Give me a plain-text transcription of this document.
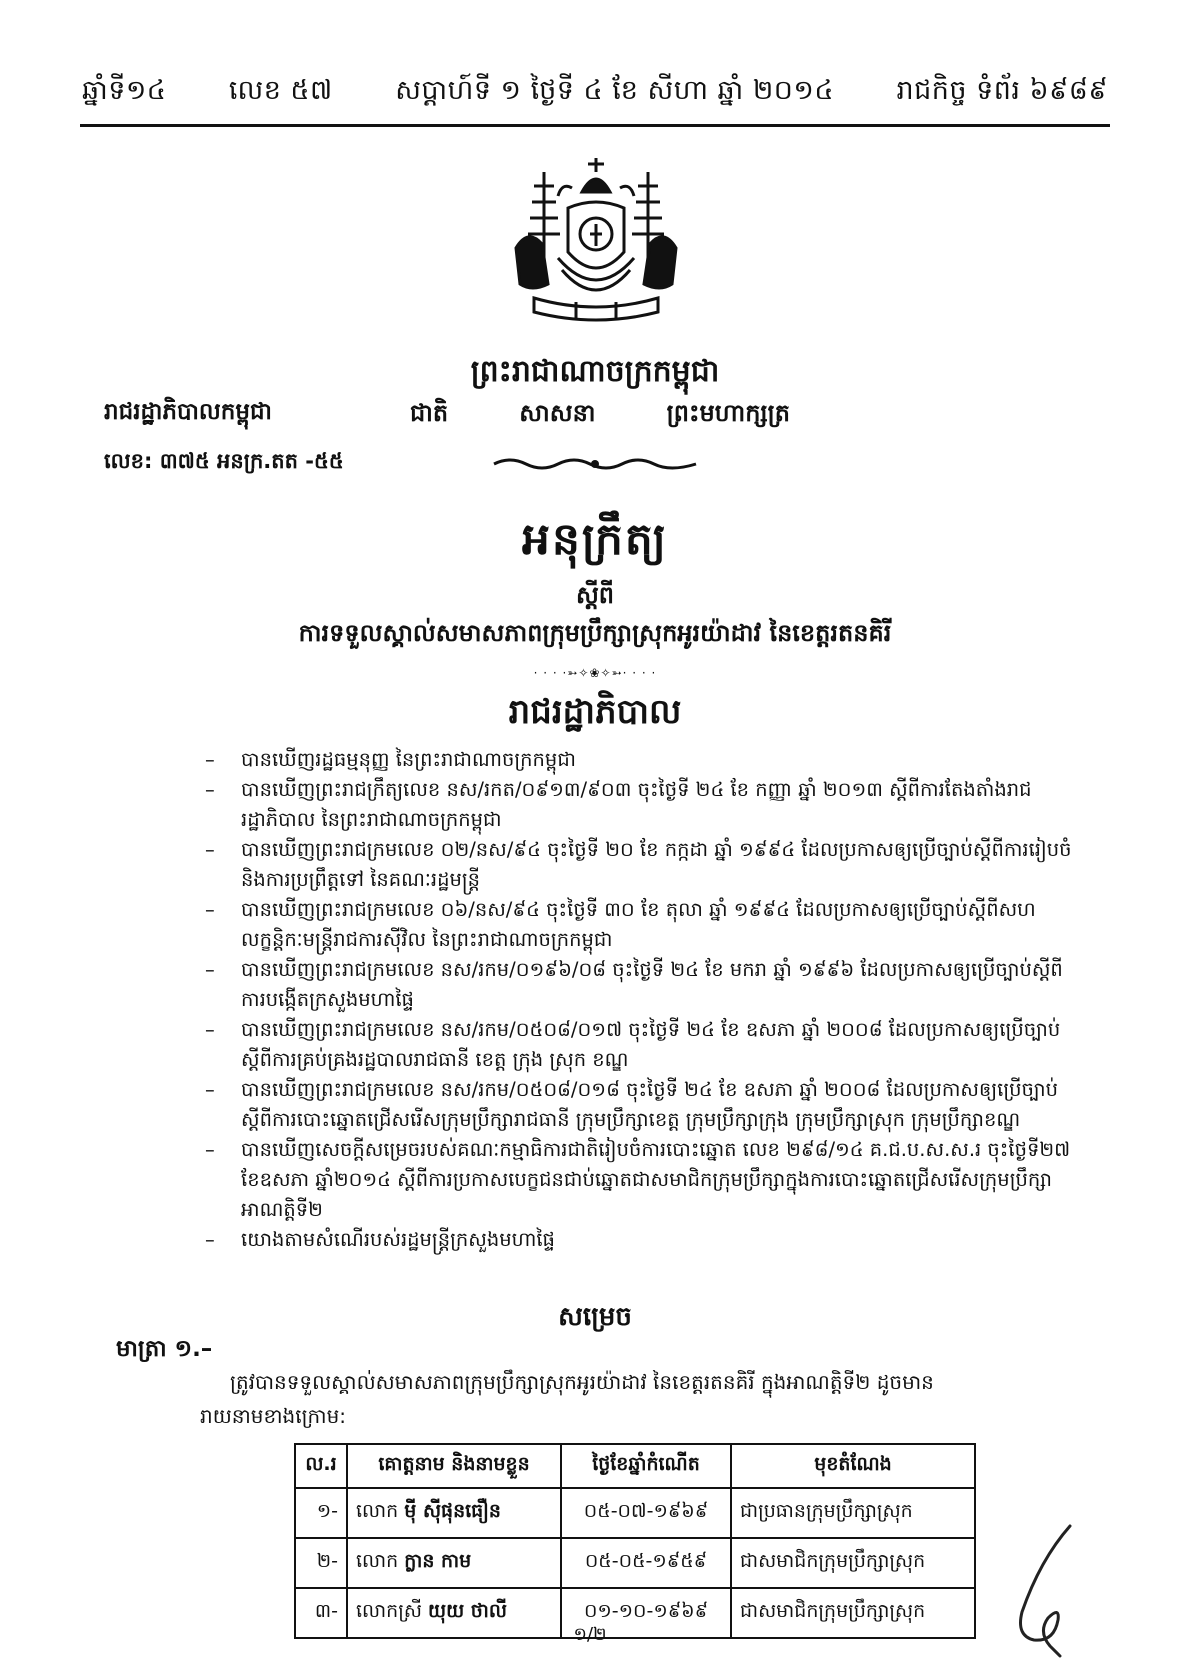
ឆ្នាំទី១៤ លេខ ៥៧ សប្តាហ៍ទី ១ ថ្ងៃទី ៤ ខែ សីហា ឆ្នាំ ២០១៤ រាជកិច្ច ទំព័រ ៦៩៨៩
ព្រះរាជាណាចក្រកម្ពុជា
រាជរដ្ឋាភិបាលកម្ពុជា	ជាតិ	សាសនា	ព្រះមហាក្សត្រ
លេខ: ៣៧៥ អនក្រ.តត -៥៥
អនុក្រឹត្យ
ស្តីពី
ការទទួលស្គាល់សមាសភាពក្រុមប្រឹក្សាស្រុកអូរយ៉ាដាវ នៃខេត្តរតនគិរី
· · · ·➳✧❀✧➳· · · ·
រាជរដ្ឋាភិបាល
– បានឃើញរដ្ឋធម្មនុញ្ញ នៃព្រះរាជាណាចក្រកម្ពុជា
– បានឃើញព្រះរាជក្រឹត្យលេខ នស/រកត/០៩១៣/៩០៣ ចុះថ្ងៃទី ២៤ ខែ កញ្ញា ឆ្នាំ ២០១៣ ស្តីពីការតែងតាំងរាជរដ្ឋាភិបាល នៃព្រះរាជាណាចក្រកម្ពុជា
– បានឃើញព្រះរាជក្រមលេខ ០២/នស/៩៤ ចុះថ្ងៃទី ២០ ខែ កក្កដា ឆ្នាំ ១៩៩៤ ដែលប្រកាសឲ្យប្រើច្បាប់ស្តីពីការរៀបចំ និងការប្រព្រឹត្តទៅ នៃគណៈរដ្ឋមន្ត្រី
– បានឃើញព្រះរាជក្រមលេខ ០៦/នស/៩៤ ចុះថ្ងៃទី ៣០ ខែ តុលា ឆ្នាំ ១៩៩៤ ដែលប្រកាសឲ្យប្រើច្បាប់ស្តីពីសហលក្ខន្តិកៈមន្ត្រីរាជការស៊ីវិល នៃព្រះរាជាណាចក្រកម្ពុជា
– បានឃើញព្រះរាជក្រមលេខ នស/រកម/០១៩៦/០៨ ចុះថ្ងៃទី ២៤ ខែ មករា ឆ្នាំ ១៩៩៦ ដែលប្រកាសឲ្យប្រើច្បាប់ស្តីពីការបង្កើតក្រសួងមហាផ្ទៃ
– បានឃើញព្រះរាជក្រមលេខ នស/រកម/០៥០៨/០១៧ ចុះថ្ងៃទី ២៤ ខែ ឧសភា ឆ្នាំ ២០០៨ ដែលប្រកាសឲ្យប្រើច្បាប់ស្តីពីការគ្រប់គ្រងរដ្ឋបាលរាជធានី ខេត្ត ក្រុង ស្រុក ខណ្ឌ
– បានឃើញព្រះរាជក្រមលេខ នស/រកម/០៥០៨/០១៨ ចុះថ្ងៃទី ២៤ ខែ ឧសភា ឆ្នាំ ២០០៨ ដែលប្រកាសឲ្យប្រើច្បាប់ស្តីពីការបោះឆ្នោតជ្រើសរើសក្រុមប្រឹក្សារាជធានី ក្រុមប្រឹក្សាខេត្ត ក្រុមប្រឹក្សាក្រុង ក្រុមប្រឹក្សាស្រុក ក្រុមប្រឹក្សាខណ្ឌ
– បានឃើញសេចក្តីសម្រេចរបស់គណៈកម្មាធិការជាតិរៀបចំការបោះឆ្នោត លេខ ២៩៨/១៤ គ.ជ.ប.ស.ស.រ ចុះថ្ងៃទី២៧ ខែឧសភា ឆ្នាំ២០១៤ ស្តីពីការប្រកាសបេក្ខជនជាប់ឆ្នោតជាសមាជិកក្រុមប្រឹក្សាក្នុងការបោះឆ្នោតជ្រើសរើសក្រុមប្រឹក្សាអាណត្តិទី២
– យោងតាមសំណើរបស់រដ្ឋមន្ត្រីក្រសួងមហាផ្ទៃ
សម្រេច
មាត្រា ១.–
ត្រូវបានទទួលស្គាល់សមាសភាពក្រុមប្រឹក្សាស្រុកអូរយ៉ាដាវ នៃខេត្តរតនគិរី ក្នុងអាណត្តិទី២ ដូចមាន
រាយនាមខាងក្រោម:
ល.រ	គោត្តនាម និងនាមខ្លួន	ថ្ងៃខែឆ្នាំកំណើត	មុខតំណែង
១-	លោក ម៉ី ស៊ីផុនធឿន	០៥-០៧-១៩៦៩	ជាប្រធានក្រុមប្រឹក្សាស្រុក
២-	លោក ក្លាន កាម	០៥-០៥-១៩៥៩	ជាសមាជិកក្រុមប្រឹក្សាស្រុក
៣-	លោកស្រី យុយ ថាលី	០១-១០-១៩៦៩	ជាសមាជិកក្រុមប្រឹក្សាស្រុក
១/២
